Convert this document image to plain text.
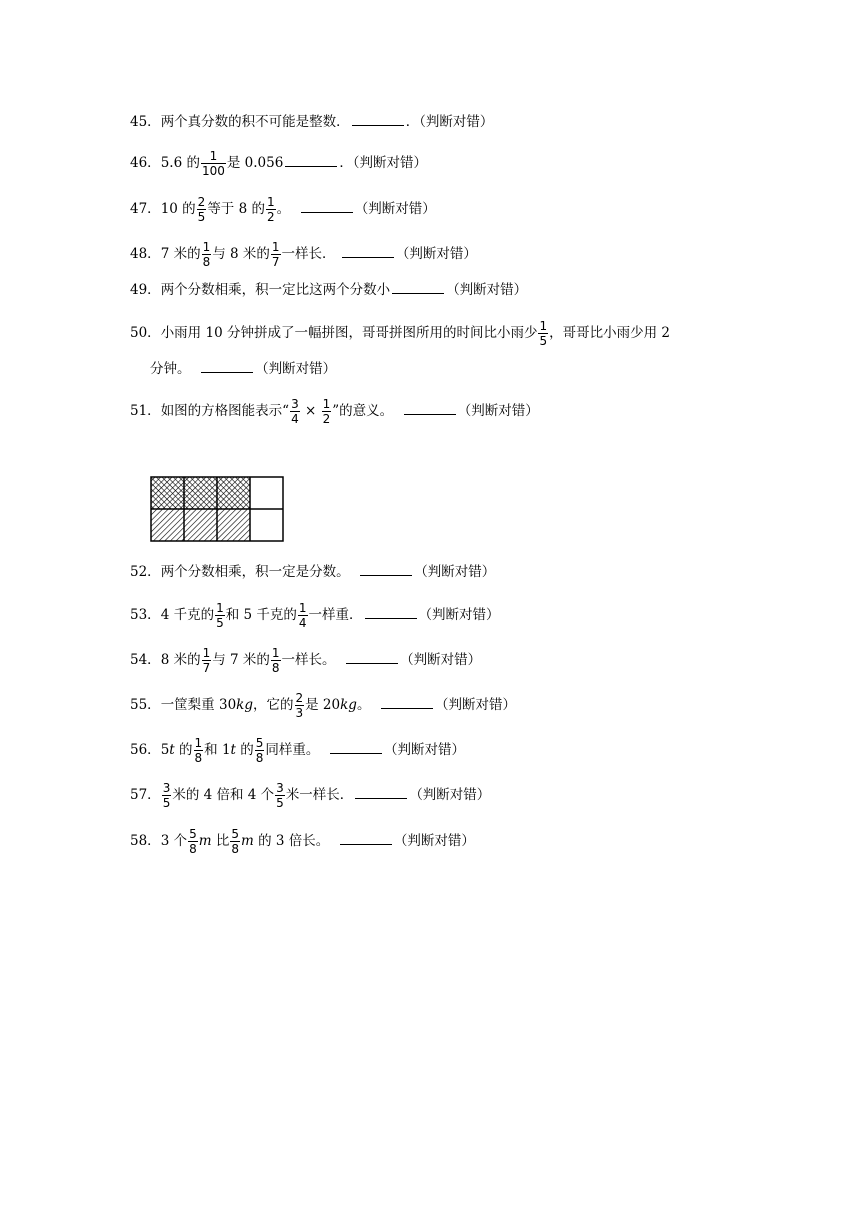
45．两个真分数的积不可能是整数．	．（判断对错）
46．5.6 的 $\frac{1}{100}$ 是 0.056	．（判断对错）
47．10 的 $\frac{2}{5}$ 等于 8 的 $\frac{1}{2}$ 。	（判断对错）
48．7 米的 $\frac{1}{8}$ 与 8 米的 $\frac{1}{7}$ 一样长．	（判断对错）
49．两个分数相乘，积一定比这两个分数小	（判断对错）
50．小雨用 10 分钟拼成了一幅拼图，哥哥拼图所用的时间比小雨少 $\frac{1}{5}$ ，哥哥比小雨少用 2
分钟。	（判断对错）
51．如图的方格图能表示“ $\frac{3}{4} \times \frac{1}{2}$ ”的意义。	（判断对错）
52．两个分数相乘，积一定是分数。	（判断对错）
53．4 千克的 $\frac{1}{5}$ 和 5 千克的 $\frac{1}{4}$ 一样重．	（判断对错）
54．8 米的 $\frac{1}{7}$ 与 7 米的 $\frac{1}{8}$ 一样长。	（判断对错）
55．一筐梨重 30kg，它的 $\frac{2}{3}$ 是 20kg。	（判断对错）
56．5t 的 $\frac{1}{8}$ 和 1t 的 $\frac{5}{8}$ 同样重。	（判断对错）
57． $\frac{3}{5}$ 米的 4 倍和 4 个 $\frac{3}{5}$ 米一样长．	（判断对错）
58．3 个 $\frac{5}{8}$ m 比 $\frac{5}{8}$ m 的 3 倍长。	（判断对错）
